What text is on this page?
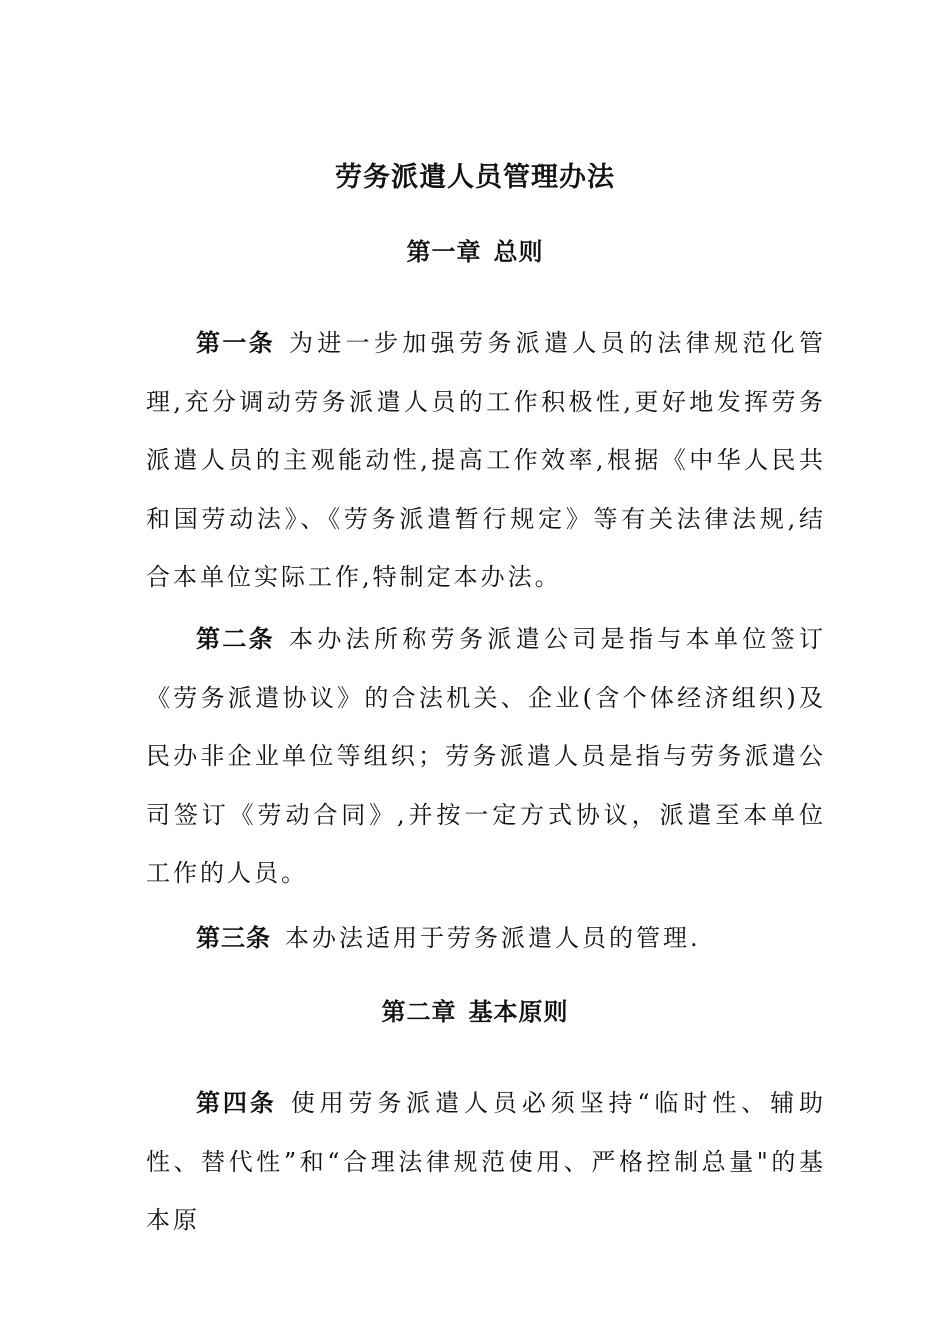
劳务派遣人员管理办法
第一章 总则
第一条 为进一步加强劳务派遣人员的法律规范化管理,充分调动劳务派遣人员的工作积极性,更好地发挥劳务派遣人员的主观能动性,提高工作效率,根据《中华人民共和国劳动法》、《劳务派遣暂行规定》等有关法律法规,结合本单位实际工作,特制定本办法。
第二条 本办法所称劳务派遣公司是指与本单位签订《劳务派遣协议》的合法机关、企业(含个体经济组织)及民办非企业单位等组织；劳务派遣人员是指与劳务派遣公司签订《劳动合同》,并按一定方式协议，派遣至本单位工作的人员。
第三条 本办法适用于劳务派遣人员的管理.
第二章 基本原则
第四条 使用劳务派遣人员必须坚持“临时性、辅助性、替代性”和“合理法律规范使用、严格控制总量"的基本原
